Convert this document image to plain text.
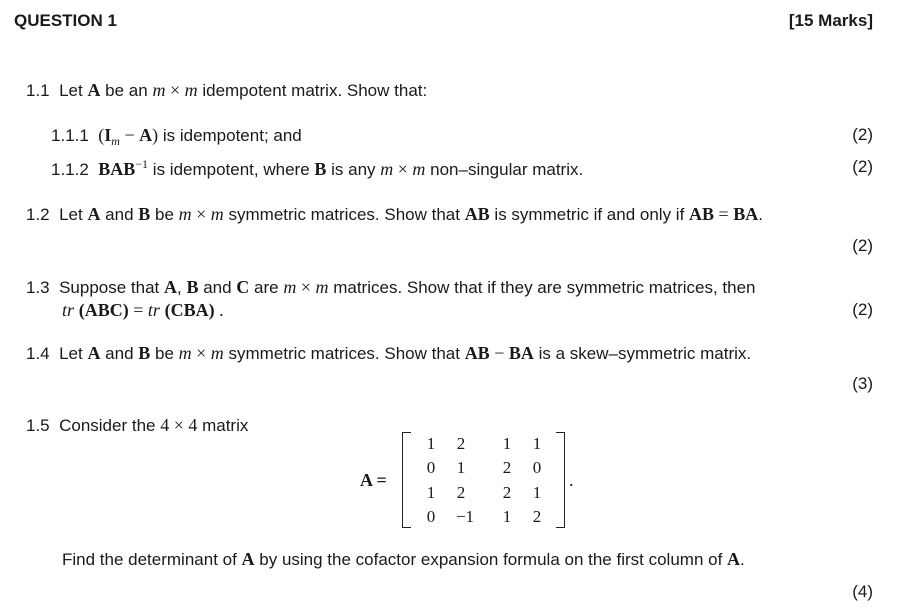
QUESTION 1	[15 Marks]
1.1 Let A be an m × m idempotent matrix. Show that:
1.1.1 $(I_m - A)$ is idempotent; and	(2)
1.1.2 $BAB^{-1}$ is idempotent, where B is any m × m non–singular matrix.	(2)
1.2 Let A and B be m × m symmetric matrices. Show that AB is symmetric if and only if AB = BA.
(2)
1.3 Suppose that A, B and C are m × m matrices. Show that if they are symmetric matrices, then
tr (ABC) = tr (CBA) .	(2)
1.4 Let A and B be m × m symmetric matrices. Show that AB − BA is a skew–symmetric matrix.
(3)
1.5 Consider the 4 × 4 matrix
A =
1	2	1	1
0	1	2	0
1	2	2	1
0	−1	1	2
.
Find the determinant of A by using the cofactor expansion formula on the first column of A.
(4)
